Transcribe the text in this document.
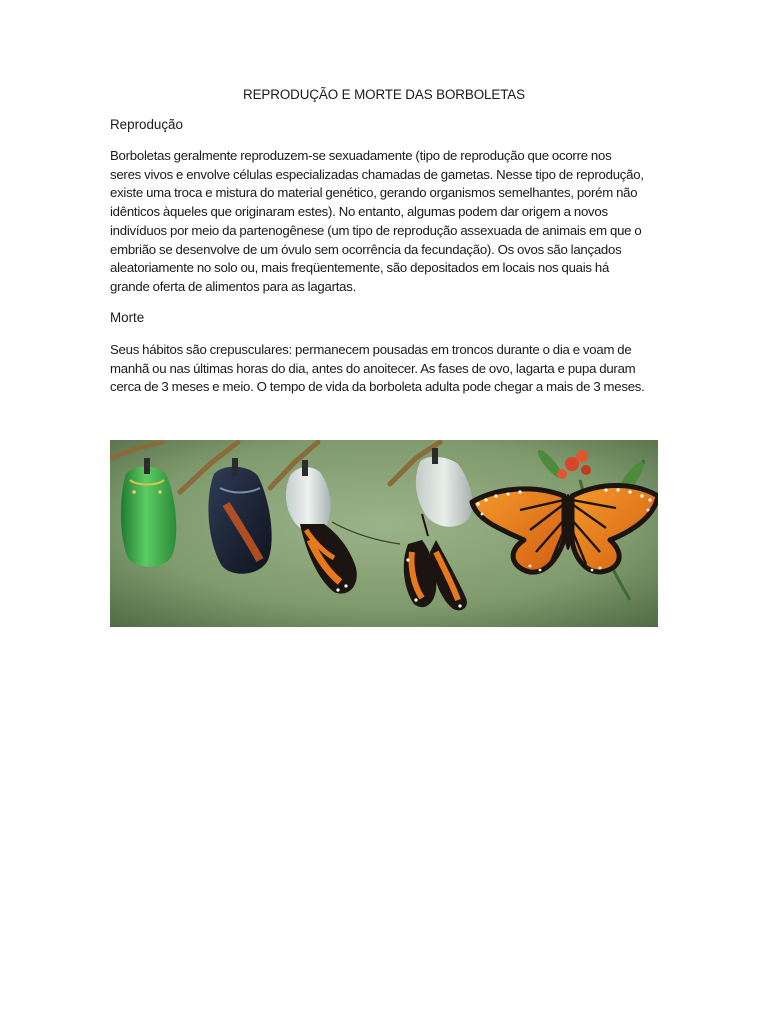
REPRODUÇÃO E MORTE DAS BORBOLETAS
Reprodução

Borboletas geralmente reproduzem-se sexuadamente (tipo de reprodução que ocorre nos

seres vivos e envolve células especializadas chamadas de gametas. Nesse tipo de reprodução,

existe uma troca e mistura do material genético, gerando organismos semelhantes, porém não

idênticos àqueles que originaram estes). No entanto, algumas podem dar origem a novos

indivíduos por meio da partenogênese (um tipo de reprodução assexuada de animais em que o

embrião se desenvolve de um óvulo sem ocorrência da fecundação). Os ovos são lançados

aleatoriamente no solo ou, mais freqüentemente, são depositados em locais nos quais há

grande oferta de alimentos para as lagartas.

Morte

Seus hábitos são crepusculares: permanecem pousadas em troncos durante o dia e voam de

manhã ou nas últimas horas do dia, antes do anoitecer. As fases de ovo, lagarta e pupa duram

cerca de 3 meses e meio. O tempo de vida da borboleta adulta pode chegar a mais de 3 meses.
